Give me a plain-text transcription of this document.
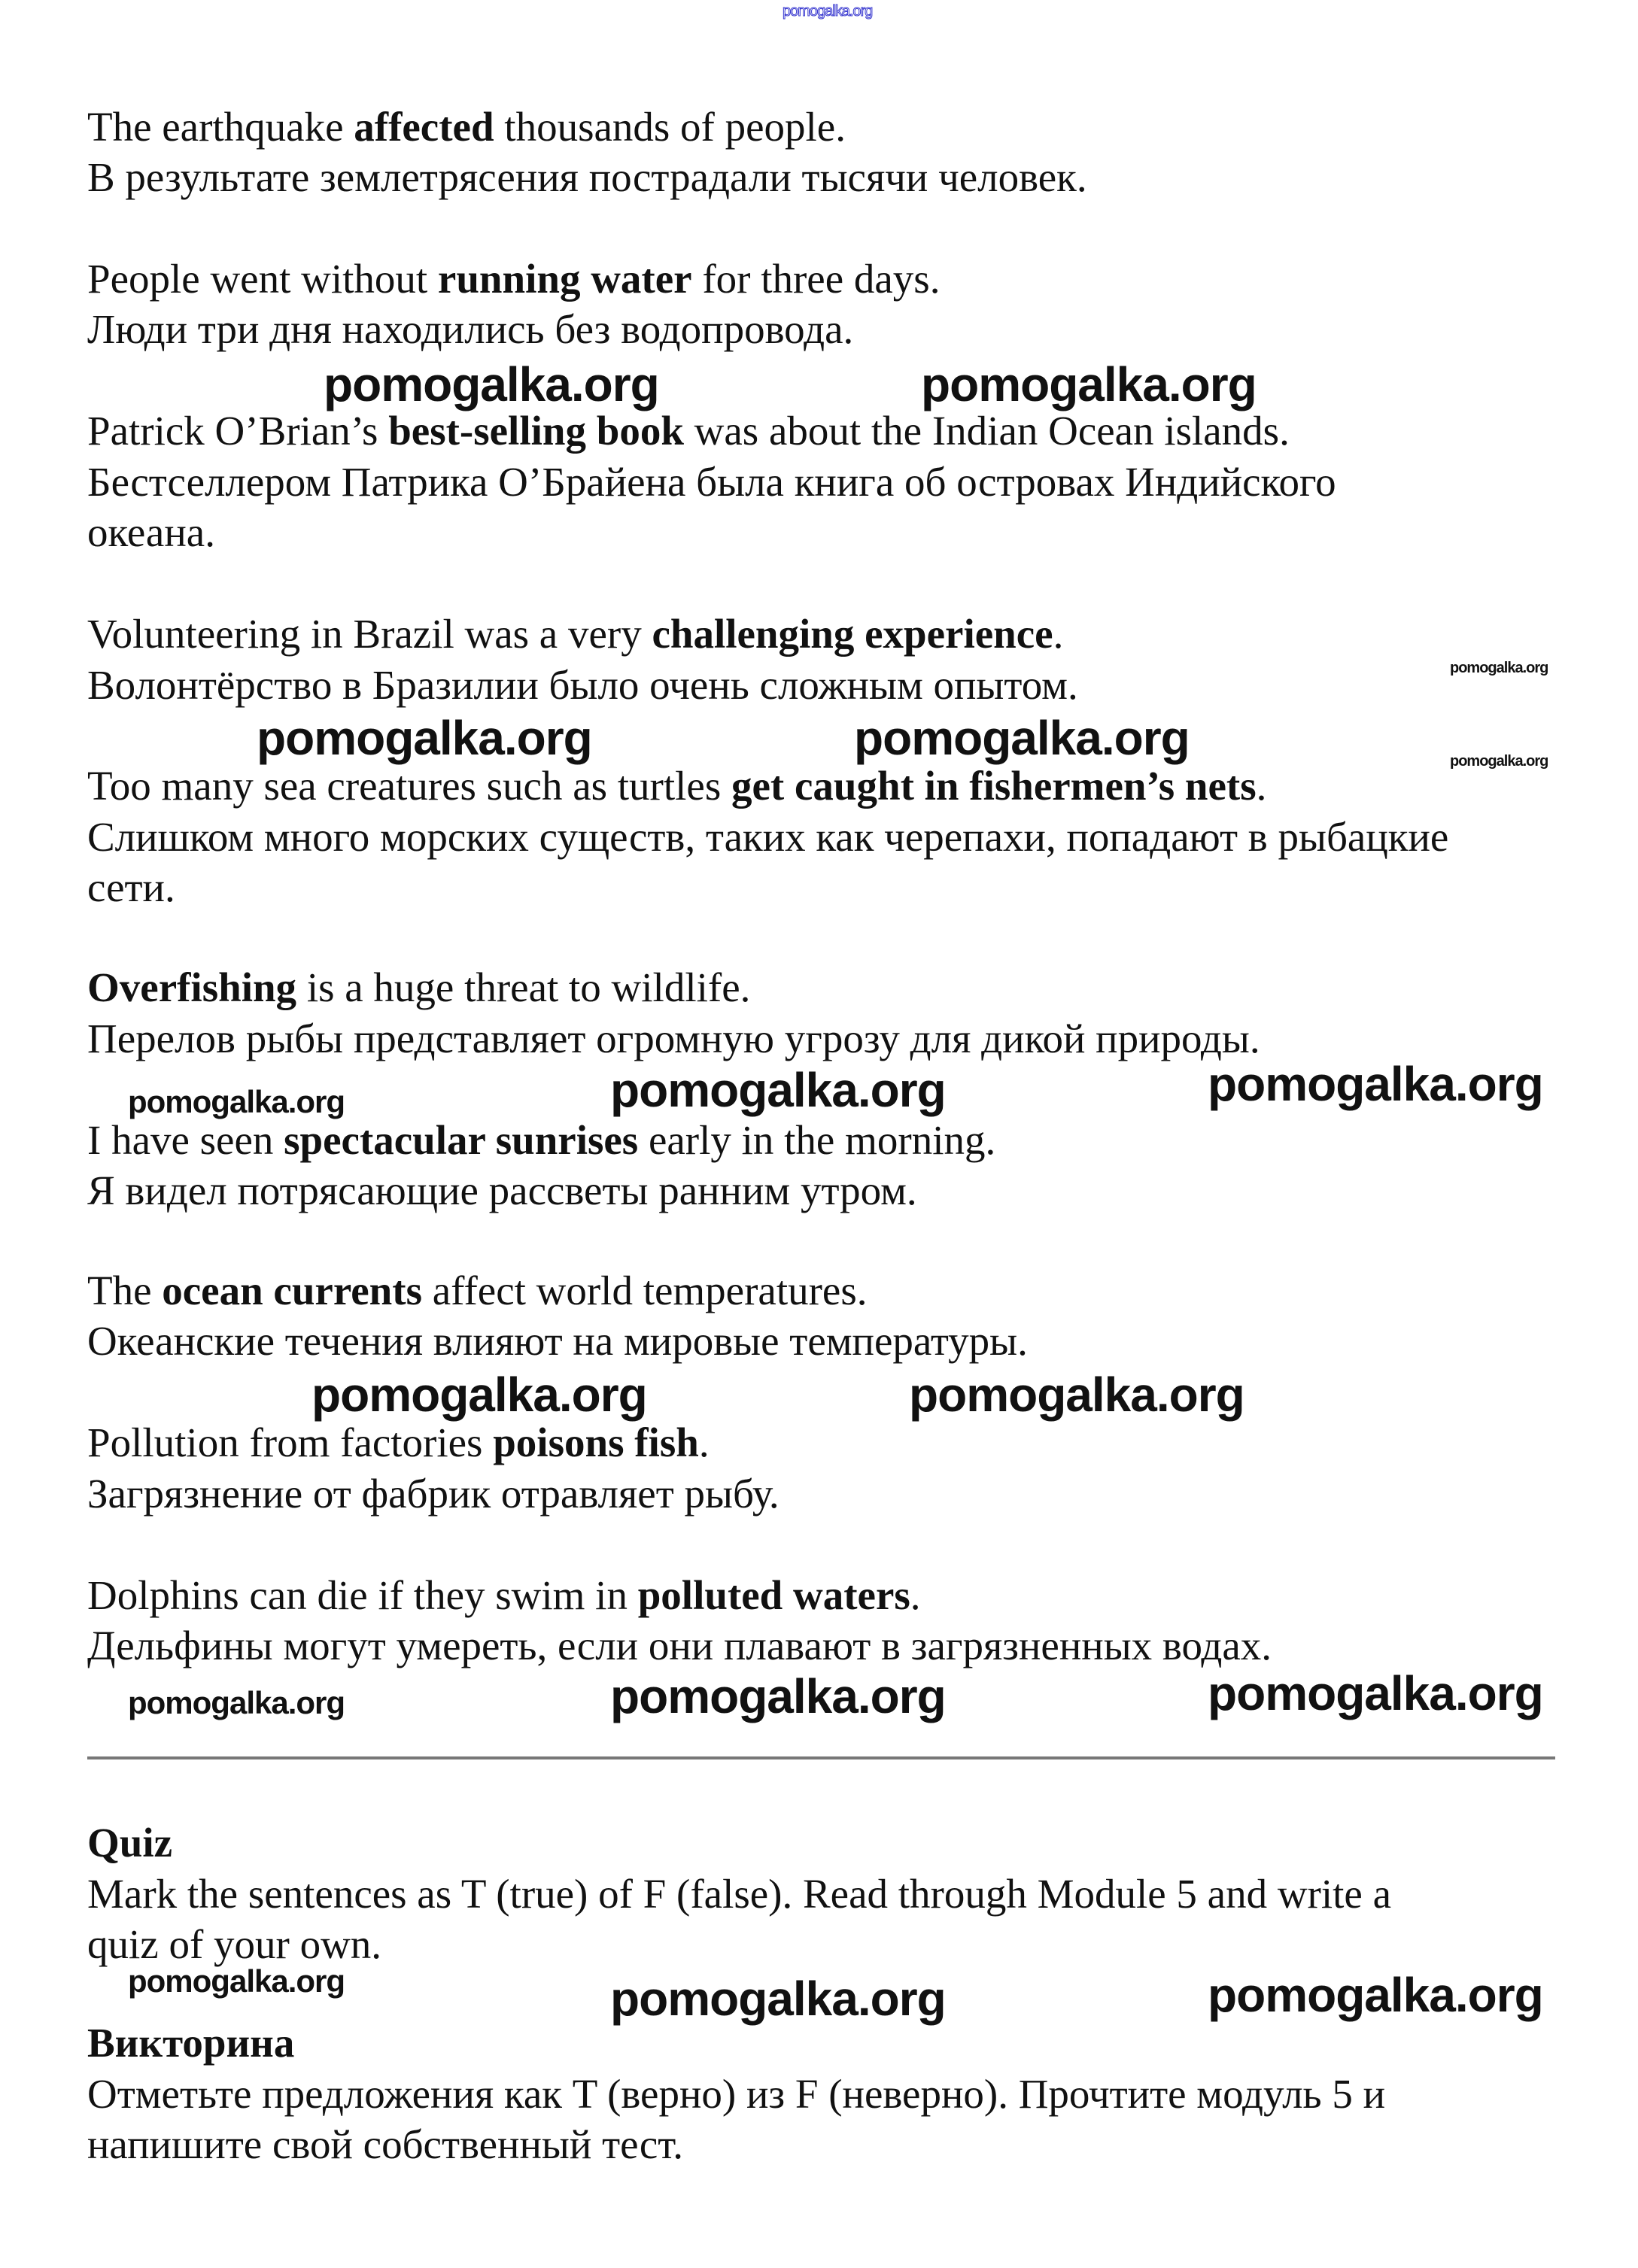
The earthquake affected thousands of people.
В результате землетрясения пострадали тысячи человек.
People went without running water for three days.
Люди три дня находились без водопровода.
Patrick O’Brian’s best-selling book was about the Indian Ocean islands.
Бестселлером Патрика О’Брайена была книга об островах Индийского
океана.
Volunteering in Brazil was a very challenging experience.
Волонтёрство в Бразилии было очень сложным опытом.
Too many sea creatures such as turtles get caught in fishermen’s nets.
Слишком много морских существ, таких как черепахи, попадают в рыбацкие
сети.
Overfishing is a huge threat to wildlife.
Перелов рыбы представляет огромную угрозу для дикой природы.
I have seen spectacular sunrises early in the morning.
Я видел потрясающие рассветы ранним утром.
The ocean currents affect world temperatures.
Океанские течения влияют на мировые температуры.
Pollution from factories poisons fish.
Загрязнение от фабрик отравляет рыбу.
Dolphins can die if they swim in polluted waters.
Дельфины могут умереть, если они плавают в загрязненных водах.
Quiz
Mark the sentences as T (true) of F (false). Read through Module 5 and write a
quiz of your own.
Викторина
Отметьте предложения как T (верно) из F (неверно). Прочтите модуль 5 и
напишите свой собственный тест.
pomogalka.org
pomogalka.org	pomogalka.org
pomogalka.org
pomogalka.org	pomogalka.org	pomogalka.org
pomogalka.org	pomogalka.org	pomogalka.org
pomogalka.org	pomogalka.org
pomogalka.org	pomogalka.org	pomogalka.org
pomogalka.org	pomogalka.org	pomogalka.org
